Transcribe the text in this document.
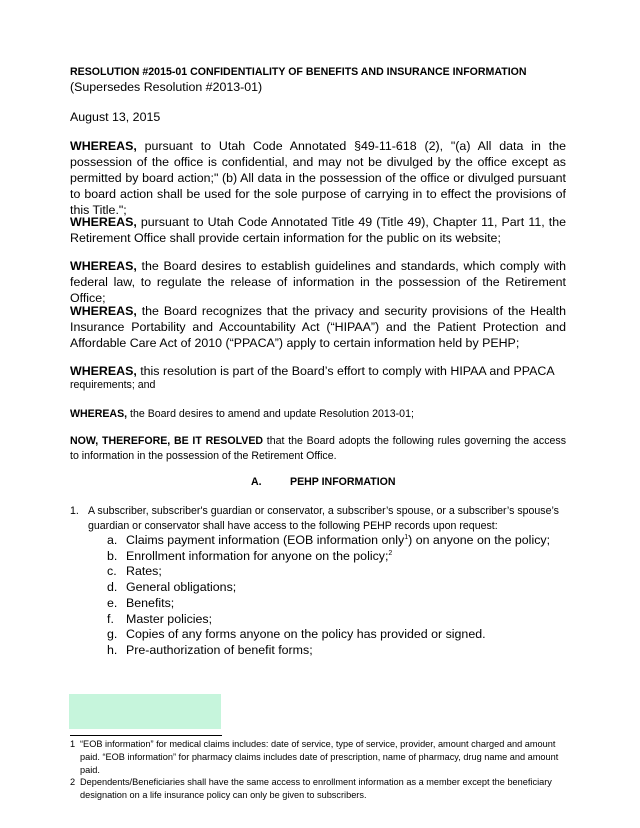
RESOLUTION #2015-01 CONFIDENTIALITY OF BENEFITS AND INSURANCE INFORMATION
(Supersedes Resolution #2013-01)
August 13, 2015
WHEREAS, pursuant to Utah Code Annotated §49-11-618 (2), "(a) All data in the possession of the office is confidential, and may not be divulged by the office except as permitted by board action;" (b) All data in the possession of the office or divulged pursuant to board action shall be used for the sole purpose of carrying in to effect the provisions of this Title.";
WHEREAS, pursuant to Utah Code Annotated Title 49 (Title 49), Chapter 11, Part 11, the Retirement Office shall provide certain information for the public on its website;
WHEREAS, the Board desires to establish guidelines and standards, which comply with federal law, to regulate the release of information in the possession of the Retirement Office;
WHEREAS, the Board recognizes that the privacy and security provisions of the Health Insurance Portability and Accountability Act (“HIPAA”) and the Patient Protection and Affordable Care Act of 2010 (“PPACA”) apply to certain information held by PEHP;
WHEREAS, this resolution is part of the Board’s effort to comply with HIPAA and PPACA
requirements; and
WHEREAS, the Board desires to amend and update Resolution 2013-01;
NOW, THEREFORE, BE IT RESOLVED that the Board adopts the following rules governing the access to information in the possession of the Retirement Office.
A.	PEHP INFORMATION
1. A subscriber, subscriber's guardian or conservator, a subscriber’s spouse, or a subscriber’s spouse’s guardian or conservator shall have access to the following PEHP records upon request:
a. Claims payment information (EOB information only$^1$) on anyone on the policy;
b. Enrollment information for anyone on the policy;$^2$
c. Rates;
d. General obligations;
e. Benefits;
f. Master policies;
g. Copies of any forms anyone on the policy has provided or signed.
h. Pre-authorization of benefit forms;
1 “EOB information” for medical claims includes: date of service, type of service, provider, amount charged and amount paid. “EOB information” for pharmacy claims includes date of prescription, name of pharmacy, drug name and amount paid.
2 Dependents/Beneficiaries shall have the same access to enrollment information as a member except the beneficiary designation on a life insurance policy can only be given to subscribers.
